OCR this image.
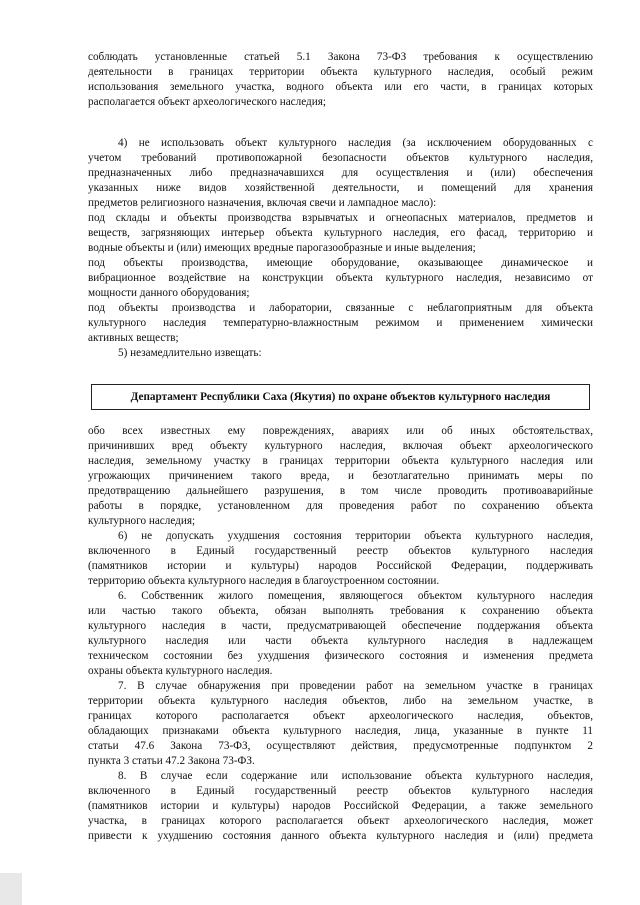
соблюдать установленные статьей 5.1 Закона 73-ФЗ требования к осуществлению
деятельности в границах территории объекта культурного наследия, особый режим
использования земельного участка, водного объекта или его части, в границах которых
располагается объект археологического наследия;
4) не использовать объект культурного наследия (за исключением оборудованных с
учетом требований противопожарной безопасности объектов культурного наследия,
предназначенных либо предназначавшихся для осуществления и (или) обеспечения
указанных ниже видов хозяйственной деятельности, и помещений для хранения
предметов религиозного назначения, включая свечи и лампадное масло):
под склады и объекты производства взрывчатых и огнеопасных материалов, предметов и
веществ, загрязняющих интерьер объекта культурного наследия, его фасад, территорию и
водные объекты и (или) имеющих вредные парогазообразные и иные выделения;
под объекты производства, имеющие оборудование, оказывающее динамическое и
вибрационное воздействие на конструкции объекта культурного наследия, независимо от
мощности данного оборудования;
под объекты производства и лаборатории, связанные с неблагоприятным для объекта
культурного наследия температурно-влажностным режимом и применением химически
активных веществ;
5) незамедлительно извещать:
Департамент Республики Саха (Якутия) по охране объектов культурного наследия
обо всех известных ему повреждениях, авариях или об иных обстоятельствах,
причинивших вред объекту культурного наследия, включая объект археологического
наследия, земельному участку в границах территории объекта культурного наследия или
угрожающих причинением такого вреда, и безотлагательно принимать меры по
предотвращению дальнейшего разрушения, в том числе проводить противоаварийные
работы в порядке, установленном для проведения работ по сохранению объекта
культурного наследия;
6) не допускать ухудшения состояния территории объекта культурного наследия,
включенного в Единый государственный реестр объектов культурного наследия
(памятников истории и культуры) народов Российской Федерации, поддерживать
территорию объекта культурного наследия в благоустроенном состоянии.
6. Собственник жилого помещения, являющегося объектом культурного наследия
или частью такого объекта, обязан выполнять требования к сохранению объекта
культурного наследия в части, предусматривающей обеспечение поддержания объекта
культурного наследия или части объекта культурного наследия в надлежащем
техническом состоянии без ухудшения физического состояния и изменения предмета
охраны объекта культурного наследия.
7. В случае обнаружения при проведении работ на земельном участке в границах
территории объекта культурного наследия объектов, либо на земельном участке, в
границах которого располагается объект археологического наследия, объектов,
обладающих признаками объекта культурного наследия, лица, указанные в пункте 11
статьи 47.6 Закона 73-ФЗ, осуществляют действия, предусмотренные подпунктом 2
пункта 3 статьи 47.2 Закона 73-ФЗ.
8. В случае если содержание или использование объекта культурного наследия,
включенного в Единый государственный реестр объектов культурного наследия
(памятников истории и культуры) народов Российской Федерации, а также земельного
участка, в границах которого располагается объект археологического наследия, может
привести к ухудшению состояния данного объекта культурного наследия и (или) предмета
